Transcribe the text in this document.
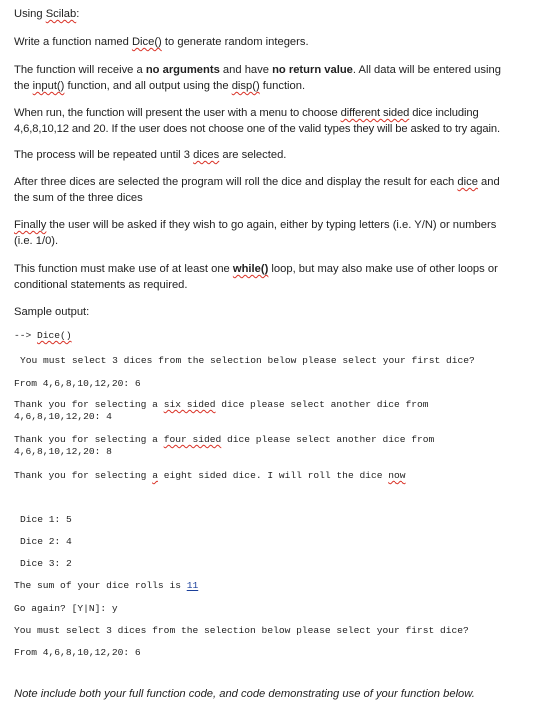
Using Scilab:

Write a function named Dice() to generate random integers.

The function will receive a no arguments and have no return value. All data will be entered using
the input() function, and all output using the disp() function.

When run, the function will present the user with a menu to choose different sided dice including
4,6,8,10,12 and 20. If the user does not choose one of the valid types they will be asked to try again.

The process will be repeated until 3 dices are selected.

After three dices are selected the program will roll the dice and display the result for each dice and
the sum of the three dices

Finally the user will be asked if they wish to go again, either by typing letters (i.e. Y/N) or numbers
(i.e. 1/0).

This function must make use of at least one while() loop, but may also make use of other loops or
conditional statements as required.

Sample output:

--> Dice()

You must select 3 dices from the selection below please select your first dice?

From 4,6,8,10,12,20: 6

Thank you for selecting a six sided dice please select another dice from
4,6,8,10,12,20: 4

Thank you for selecting a four sided dice please select another dice from
4,6,8,10,12,20: 8

Thank you for selecting a eight sided dice. I will roll the dice now

Dice 1: 5

Dice 2: 4

Dice 3: 2

The sum of your dice rolls is 11

Go again? [Y|N]: y

You must select 3 dices from the selection below please select your first dice?

From 4,6,8,10,12,20: 6

Note include both your full function code, and code demonstrating use of your function below.
